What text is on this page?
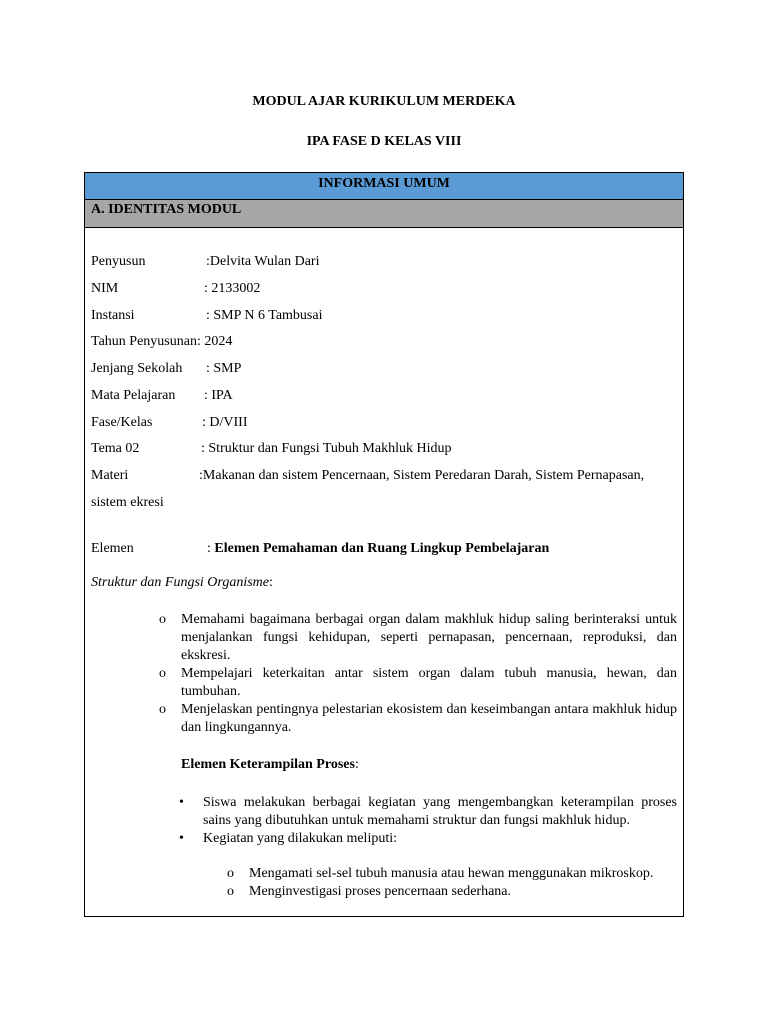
MODUL AJAR KURIKULUM MERDEKA
IPA FASE D KELAS VIII
INFORMASI UMUM
A. IDENTITAS MODUL
Penyusun	:Delvita Wulan Dari
NIM	: 2133002
Instansi	: SMP N 6 Tambusai
Tahun Penyusunan: 2024
Jenjang Sekolah : SMP
Mata Pelajaran : IPA
Fase/Kelas	: D/VIII
Tema 02	: Struktur dan Fungsi Tubuh Makhluk Hidup
Materi	:Makanan dan sistem Pencernaan, Sistem Peredaran Darah, Sistem Pernapasan,
sistem ekresi
Elemen	: Elemen Pemahaman dan Ruang Lingkup Pembelajaran
Struktur dan Fungsi Organisme:
o Memahami bagaimana berbagai organ dalam makhluk hidup saling berinteraksi untuk menjalankan fungsi kehidupan, seperti pernapasan, pencernaan, reproduksi, dan ekskresi.
o Mempelajari keterkaitan antar sistem organ dalam tubuh manusia, hewan, dan tumbuhan.
o Menjelaskan pentingnya pelestarian ekosistem dan keseimbangan antara makhluk hidup dan lingkungannya.
Elemen Keterampilan Proses:
• Siswa melakukan berbagai kegiatan yang mengembangkan keterampilan proses sains yang dibutuhkan untuk memahami struktur dan fungsi makhluk hidup.
• Kegiatan yang dilakukan meliputi:
o Mengamati sel-sel tubuh manusia atau hewan menggunakan mikroskop.
o Menginvestigasi proses pencernaan sederhana.
